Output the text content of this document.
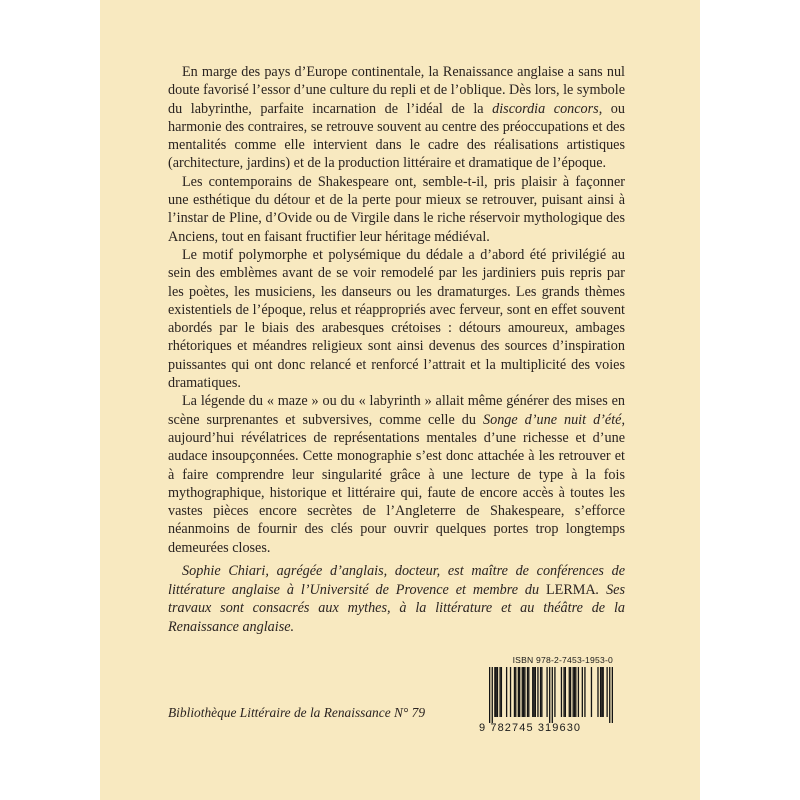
En marge des pays d’Europe continentale, la Renaissance anglaise a sans nul doute favorisé l’essor d’une culture du repli et de l’oblique. Dès lors, le symbole du labyrinthe, parfaite incarnation de l’idéal de la discordia concors, ou harmonie des contraires, se retrouve souvent au centre des préoccupations et des mentalités comme elle intervient dans le cadre des réalisations artistiques (architecture, jardins) et de la production littéraire et dramatique de l’époque.

Les contemporains de Shakespeare ont, semble-t-il, pris plaisir à façonner une esthétique du détour et de la perte pour mieux se retrouver, puisant ainsi à l’instar de Pline, d’Ovide ou de Virgile dans le riche réservoir mythologique des Anciens, tout en faisant fructifier leur héritage médiéval.

Le motif polymorphe et polysémique du dédale a d’abord été privilégié au sein des emblèmes avant de se voir remodelé par les jardiniers puis repris par les poètes, les musiciens, les danseurs ou les dramaturges. Les grands thèmes existentiels de l’époque, relus et réappropriés avec ferveur, sont en effet souvent abordés par le biais des arabesques crétoises : détours amoureux, ambages rhétoriques et méandres religieux sont ainsi devenus des sources d’inspiration puissantes qui ont donc relancé et renforcé l’attrait et la multiplicité des voies dramatiques.

La légende du « maze » ou du « labyrinth » allait même générer des mises en scène surprenantes et subversives, comme celle du Songe d’une nuit d’été, aujourd’hui révélatrices de représentations mentales d’une richesse et d’une audace insoupçonnées. Cette monographie s’est donc attachée à les retrouver et à faire comprendre leur singularité grâce à une lecture de type à la fois mythographique, historique et littéraire qui, faute de encore accès à toutes les vastes pièces encore secrètes de l’Angleterre de Shakespeare, s’efforce néanmoins de fournir des clés pour ouvrir quelques portes trop longtemps demeurées closes.

Sophie Chiari, agrégée d’anglais, docteur, est maître de conférences de littérature anglaise à l’Université de Provence et membre du LERMA. Ses travaux sont consacrés aux mythes, à la littérature et au théâtre de la Renaissance anglaise.

Bibliothèque Littéraire de la Renaissance N° 79
ISBN 978-2-7453-1953-0
9 782745 319630
